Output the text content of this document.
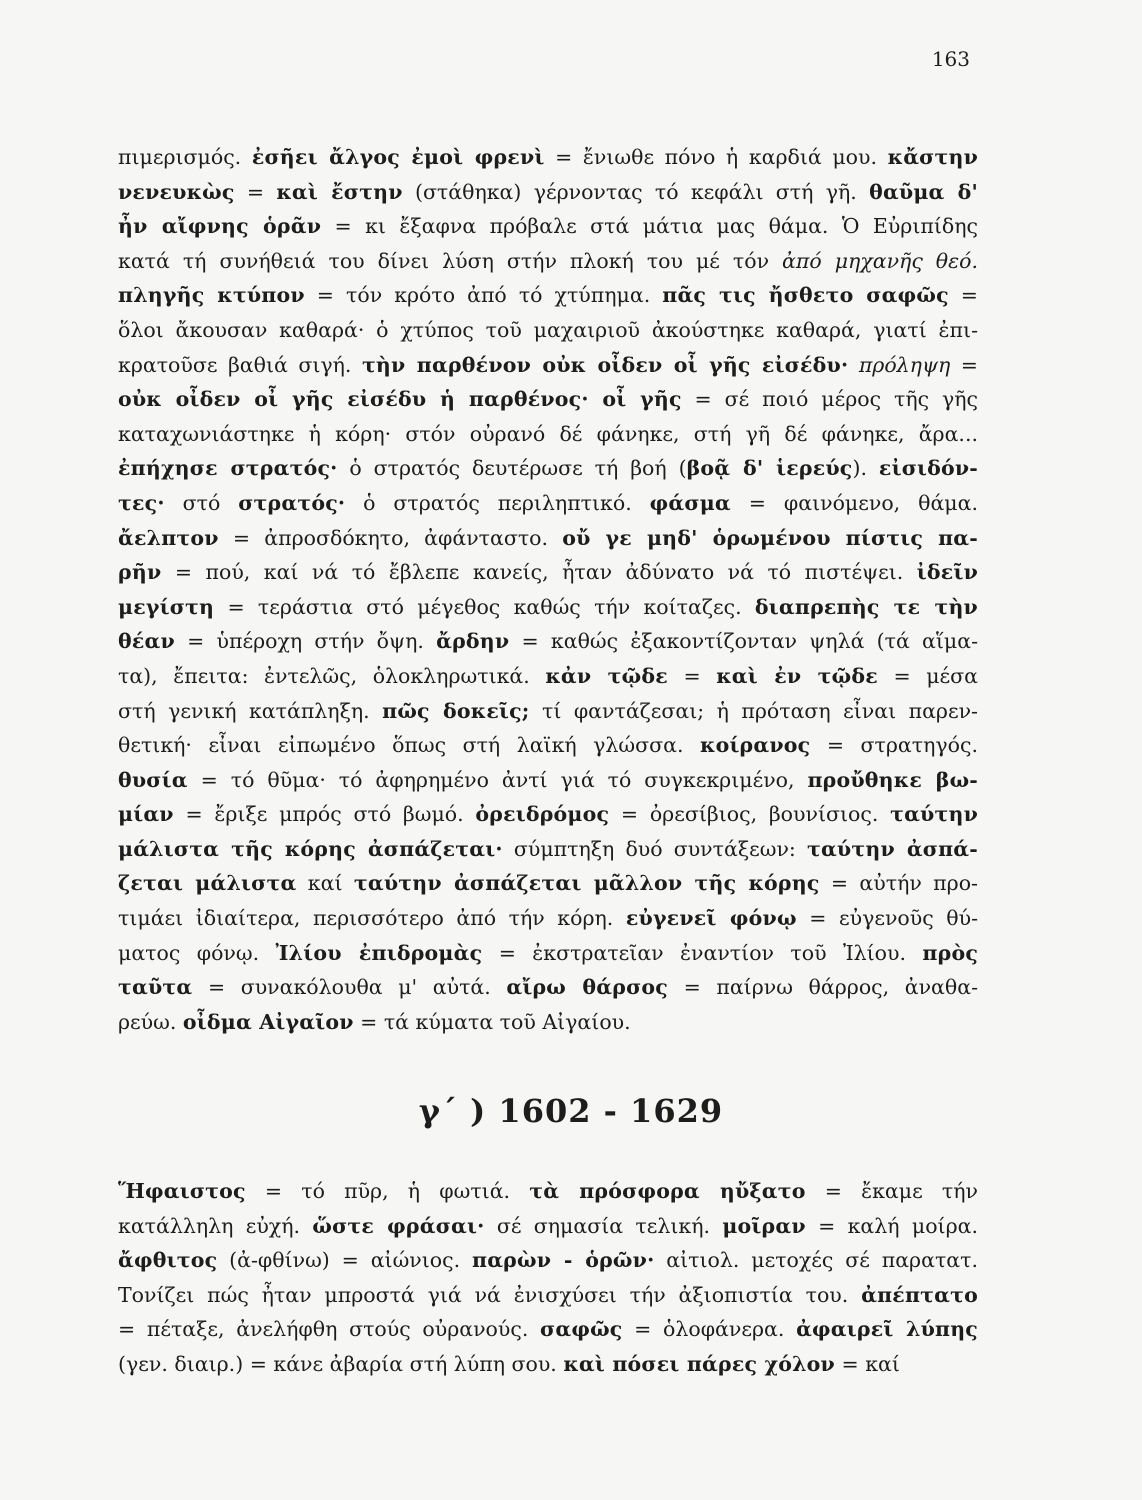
163
πιμερισμός. ἐσῆει ἄλγος ἐμοὶ φρενὶ = ἔνιωθε πόνο ἡ καρδιά μου. κἄστην
νενευκὼς = καὶ ἔστην (στάθηκα) γέρνοντας τό κεφάλι στή γῆ. θαῦμα δ'
ἦν αἴφνης ὁρᾶν = κι ἔξαφνα πρόβαλε στά μάτια μας θάμα. Ὁ Εὐριπίδης
κατά τή συνήθειά του δίνει λύση στήν πλοκή του μέ τόν ἀπό μηχανῆς θεό.
πληγῆς κτύπον = τόν κρότο ἀπό τό χτύπημα. πᾶς τις ἤσθετο σαφῶς =
ὅλοι ἄκουσαν καθαρά· ὁ χτύπος τοῦ μαχαιριοῦ ἀκούστηκε καθαρά, γιατί ἐπι-
κρατοῦσε βαθιά σιγή. τὴν παρθένον οὐκ οἶδεν οἶ γῆς εἰσέδυ· πρόληψη =
οὐκ οἶδεν οἶ γῆς εἰσέδυ ἡ παρθένος· οἶ γῆς = σέ ποιό μέρος τῆς γῆς
καταχωνιάστηκε ἡ κόρη· στόν οὐρανό δέ φάνηκε, στή γῆ δέ φάνηκε, ἄρα...
ἐπήχησε στρατός· ὁ στρατός δευτέρωσε τή βοή (βοᾷ δ' ἱερεύς). εἰσιδόν-
τες· στό στρατός· ὁ στρατός περιληπτικό. φάσμα = φαινόμενο, θάμα.
ἄελπτον = ἀπροσδόκητο, ἀφάνταστο. οὔ γε μηδ' ὁρωμένου πίστις πα-
ρῆν = πού, καί νά τό ἔβλεπε κανείς, ἦταν ἀδύνατο νά τό πιστέψει. ἰδεῖν
μεγίστη = τεράστια στό μέγεθος καθώς τήν κοίταζες. διαπρεπὴς τε τὴν
θέαν = ὑπέροχη στήν ὄψη. ἄρδην = καθώς ἐξακοντίζονταν ψηλά (τά αἵμα-
τα), ἔπειτα: ἐντελῶς, ὁλοκληρωτικά. κἀν τῷδε = καὶ ἐν τῷδε = μέσα
στή γενική κατάπληξη. πῶς δοκεῖς; τί φαντάζεσαι; ἡ πρόταση εἶναι παρεν-
θετική· εἶναι εἰπωμένο ὅπως στή λαϊκή γλώσσα. κοίρανος = στρατηγός.
θυσία = τό θῦμα· τό ἀφηρημένο ἀντί γιά τό συγκεκριμένο, προὔθηκε βω-
μίαν = ἔριξε μπρός στό βωμό. ὀρειδρόμος = ὀρεσίβιος, βουνίσιος. ταύτην
μάλιστα τῆς κόρης ἀσπάζεται· σύμπτηξη δυό συντάξεων: ταύτην ἀσπά-
ζεται μάλιστα καί ταύτην ἀσπάζεται μᾶλλον τῆς κόρης = αὐτήν προ-
τιμάει ἰδιαίτερα, περισσότερο ἀπό τήν κόρη. εὐγενεῖ φόνῳ = εὐγενοῦς θύ-
ματος φόνῳ. Ἰλίου ἐπιδρομὰς = ἐκστρατεῖαν ἐναντίον τοῦ Ἰλίου. πρὸς
ταῦτα = συνακόλουθα μ' αὐτά. αἴρω θάρσος = παίρνω θάρρος, ἀναθα-
ρεύω. οἶδμα Αἰγαῖον = τά κύματα τοῦ Αἰγαίου.
γ΄ ) 1602 - 1629
Ἥφαιστος = τό πῦρ, ἡ φωτιά. τὰ πρόσφορα ηὔξατο = ἔκαμε τήν
κατάλληλη εὐχή. ὥστε φράσαι· σέ σημασία τελική. μοῖραν = καλή μοίρα.
ἄφθιτος (ἀ-φθίνω) = αἰώνιος. παρὼν - ὁρῶν· αἰτιολ. μετοχές σέ παρατατ.
Τονίζει πώς ἦταν μπροστά γιά νά ἐνισχύσει τήν ἀξιοπιστία του. ἀπέπτατο
= πέταξε, ἀνελήφθη στούς οὐρανούς. σαφῶς = ὁλοφάνερα. ἀφαιρεῖ λύπης
(γεν. διαιρ.) = κάνε ἀβαρία στή λύπη σου. καὶ πόσει πάρες χόλον = καί
